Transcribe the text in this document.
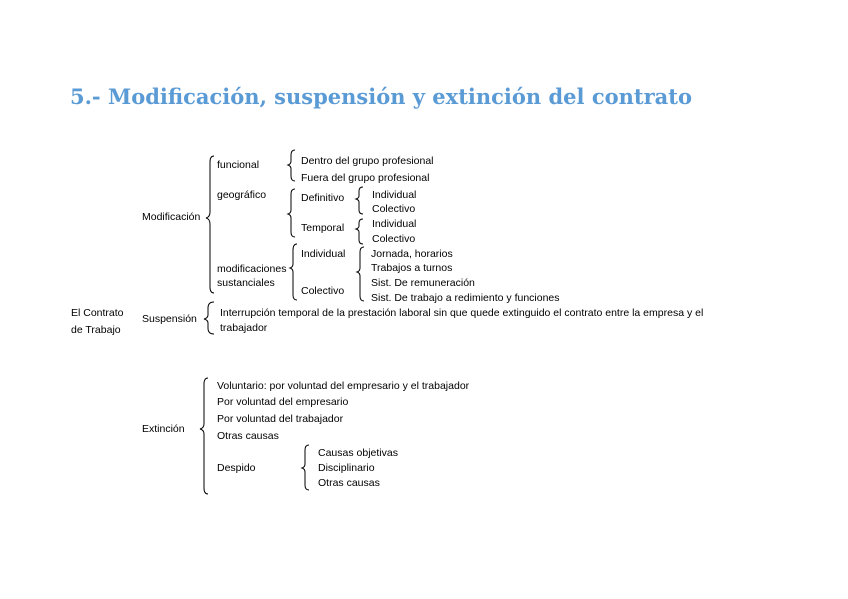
5.- Modificación, suspensión y extinción del contrato
El Contrato
de Trabajo
Modificación
funcional	Dentro del grupo profesional
Fuera del grupo profesional
geográfico	Definitivo	Individual
Colectivo
Temporal	Individual
Colectivo
modificaciones
sustanciales
Individual
Colectivo
Jornada, horarios
Trabajos a turnos
Sist. De remuneración
Sist. De trabajo a redimiento y funciones
Suspensión Interrupción temporal de la prestación laboral sin que quede extinguido el contrato entre la empresa y el
trabajador
Extinción
Voluntario: por voluntad del empresario y el trabajador
Por voluntad del empresario
Por voluntad del trabajador
Otras causas
Despido
Causas objetivas
Disciplinario
Otras causas
